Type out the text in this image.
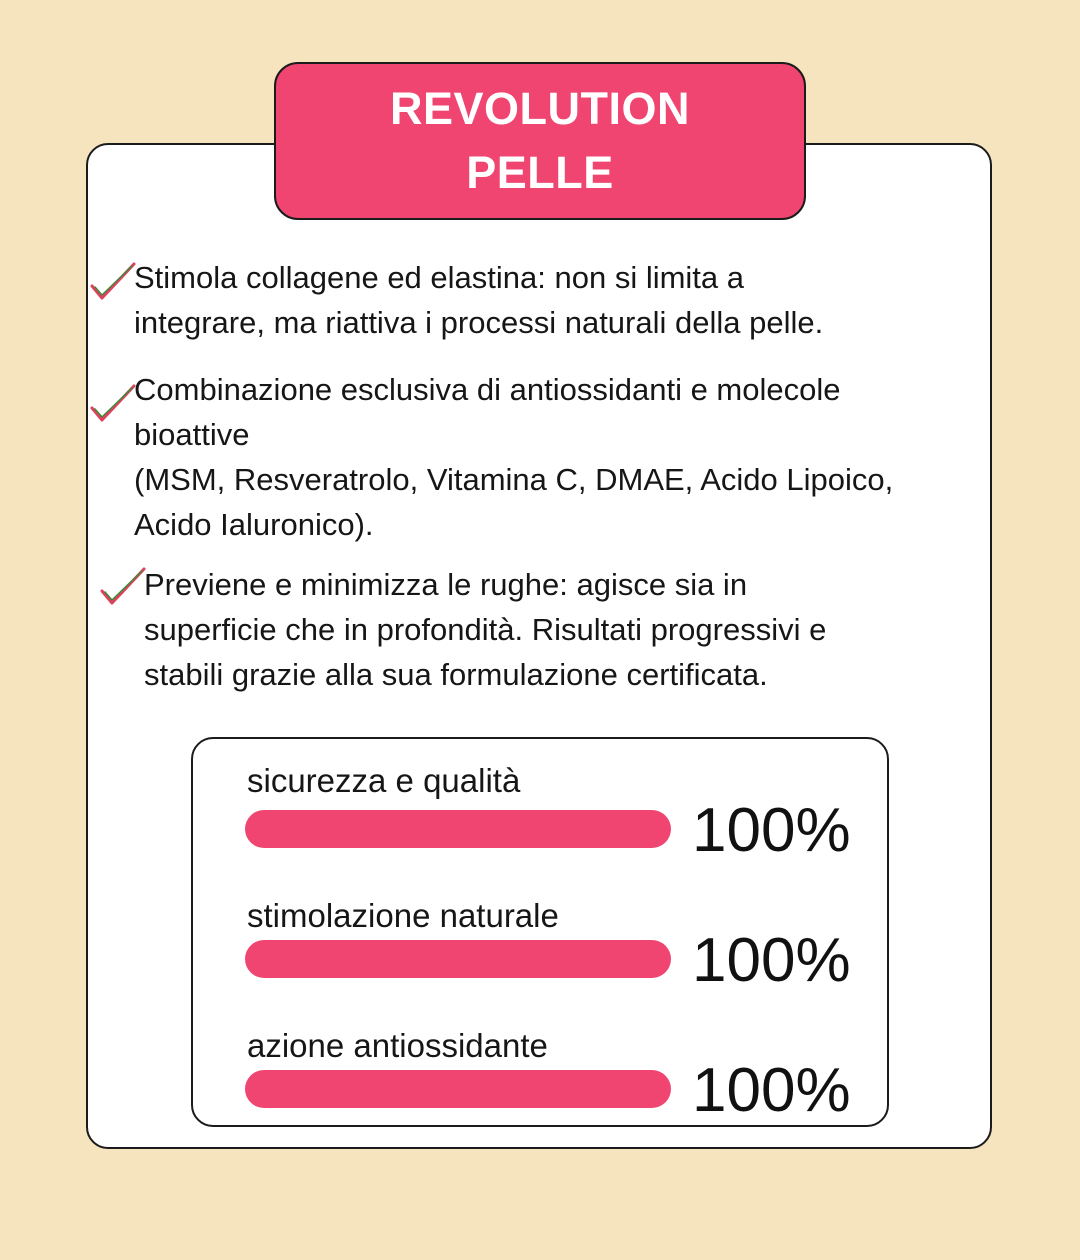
REVOLUTION
PELLE
Stimola collagene ed elastina: non si limita a
integrare, ma riattiva i processi naturali della pelle.
Combinazione esclusiva di antiossidanti e molecole
bioattive
(MSM, Resveratrolo, Vitamina C, DMAE, Acido Lipoico,
Acido Ialuronico).
Previene e minimizza le rughe: agisce sia in
superficie che in profondità. Risultati progressivi e
stabili grazie alla sua formulazione certificata.
sicurezza e qualità
100%
stimolazione naturale
100%
azione antiossidante
100%
